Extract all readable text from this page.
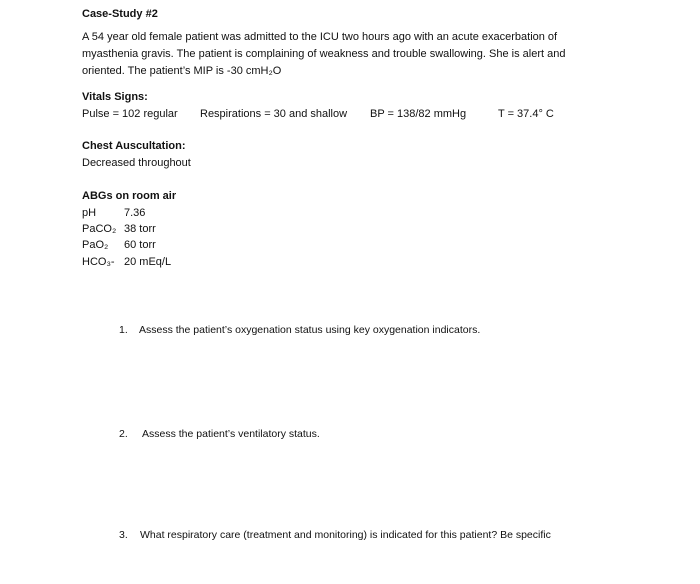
Case-Study #2
A 54 year old female patient was admitted to the ICU two hours ago with an acute exacerbation of
myasthenia gravis. The patient is complaining of weakness and trouble swallowing. She is alert and
oriented. The patient’s MIP is -30 cmH₂O
Vitals Signs:
Pulse = 102 regular Respirations = 30 and shallow BP = 138/82 mmHg	T = 37.4° C
Chest Auscultation:
Decreased throughout
ABGs on room air
pH	7.36
PaCO₂ 38 torr
PaO₂ 60 torr
HCO₃- 20 mEq/L
1. Assess the patient’s oxygenation status using key oxygenation indicators.
2. Assess the patient’s ventilatory status.
3. What respiratory care (treatment and monitoring) is indicated for this patient? Be specific
